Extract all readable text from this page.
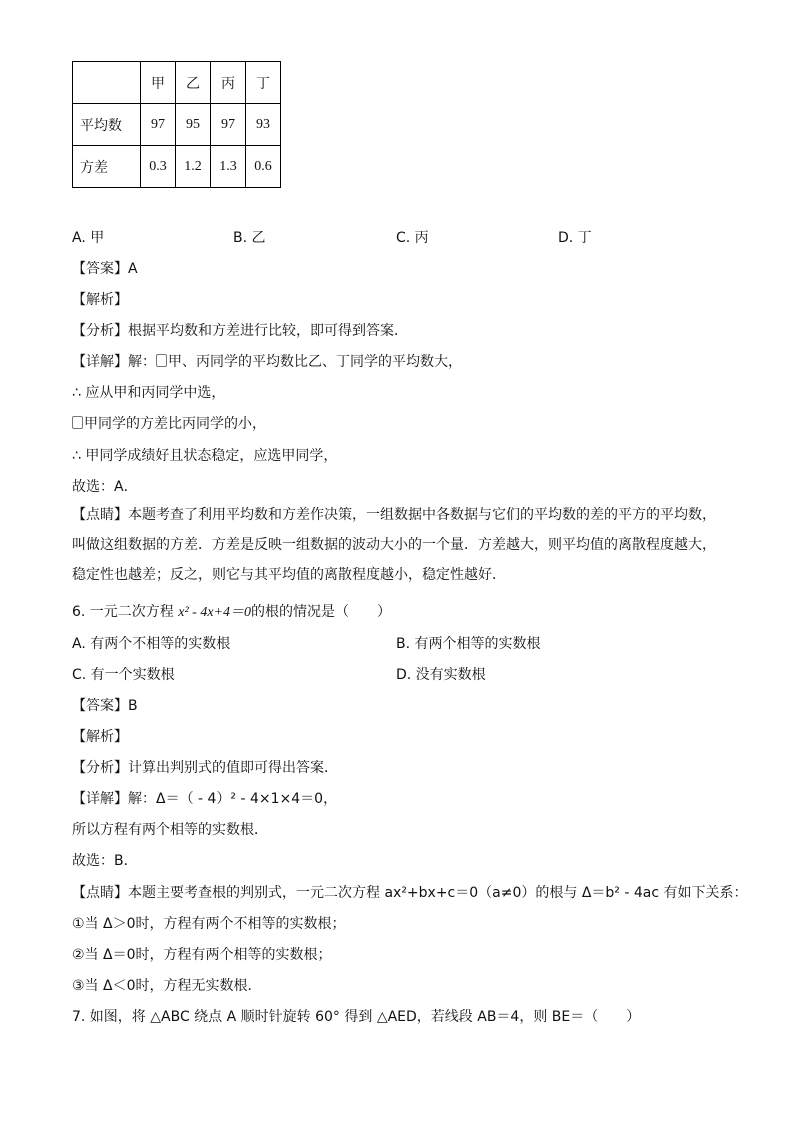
	甲	乙	丙	丁
平均数	97	95	97	93
方差	0.3	1.2	1.3	0.6
A. 甲	B. 乙	C. 丙	D. 丁
【答案】A
【解析】
【分析】根据平均数和方差进行比较，即可得到答案．
【详解】解： 甲、丙同学的平均数比乙、丁同学的平均数大，
∴ 应从甲和丙同学中选，
甲同学的方差比丙同学的小，
∴ 甲同学成绩好且状态稳定，应选甲同学，
故选：A．
【点睛】本题考查了利用平均数和方差作决策，一组数据中各数据与它们的平均数的差的平方的平均数，叫做这组数据的方差．方差是反映一组数据的波动大小的一个量．方差越大，则平均值的离散程度越大，稳定性也越差；反之，则它与其平均值的离散程度越小，稳定性越好．
6. 一元二次方程 x² - 4x+4＝0的根的情况是（　　）
A. 有两个不相等的实数根	B. 有两个相等的实数根
C. 有一个实数根	D. 没有实数根
【答案】B
【解析】
【分析】计算出判别式的值即可得出答案．
【详解】解：Δ＝（ - 4）² - 4×1×4＝0，
所以方程有两个相等的实数根．
故选：B．
【点睛】本题主要考查根的判别式，一元二次方程 ax²+bx+c＝0（a≠0）的根与 Δ＝b² - 4ac 有如下关系：
①当 Δ＞0时，方程有两个不相等的实数根；
②当 Δ＝0时，方程有两个相等的实数根；
③当 Δ＜0时，方程无实数根．
7. 如图，将 △ABC 绕点 A 顺时针旋转 60° 得到 △AED，若线段 AB＝4，则 BE＝（　　）
